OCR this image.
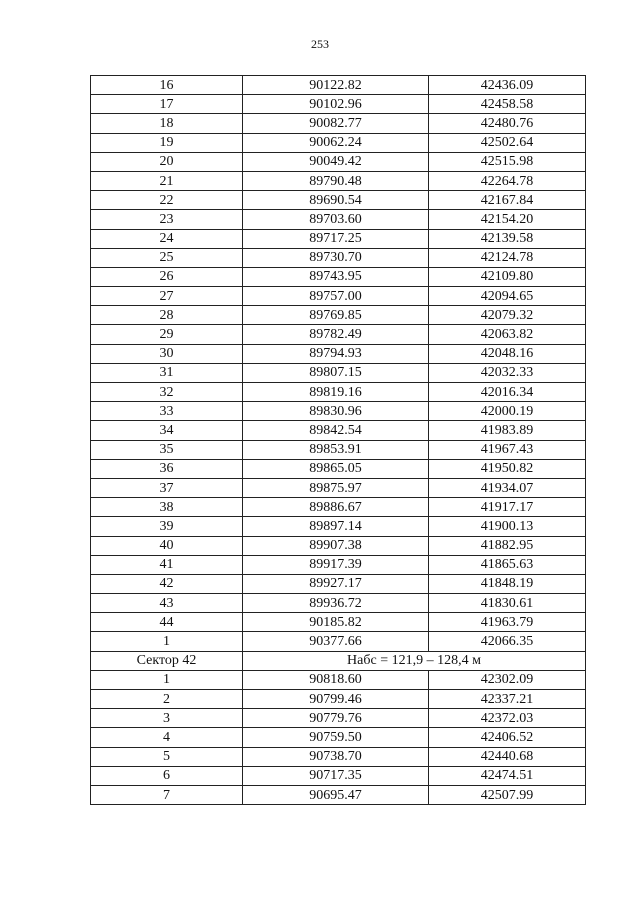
253
16	90122.82	42436.09
17	90102.96	42458.58
18	90082.77	42480.76
19	90062.24	42502.64
20	90049.42	42515.98
21	89790.48	42264.78
22	89690.54	42167.84
23	89703.60	42154.20
24	89717.25	42139.58
25	89730.70	42124.78
26	89743.95	42109.80
27	89757.00	42094.65
28	89769.85	42079.32
29	89782.49	42063.82
30	89794.93	42048.16
31	89807.15	42032.33
32	89819.16	42016.34
33	89830.96	42000.19
34	89842.54	41983.89
35	89853.91	41967.43
36	89865.05	41950.82
37	89875.97	41934.07
38	89886.67	41917.17
39	89897.14	41900.13
40	89907.38	41882.95
41	89917.39	41865.63
42	89927.17	41848.19
43	89936.72	41830.61
44	90185.82	41963.79
1	90377.66	42066.35
Сектор 42	Набс = 121,9 – 128,4 м	
1	90818.60	42302.09
2	90799.46	42337.21
3	90779.76	42372.03
4	90759.50	42406.52
5	90738.70	42440.68
6	90717.35	42474.51
7	90695.47	42507.99
